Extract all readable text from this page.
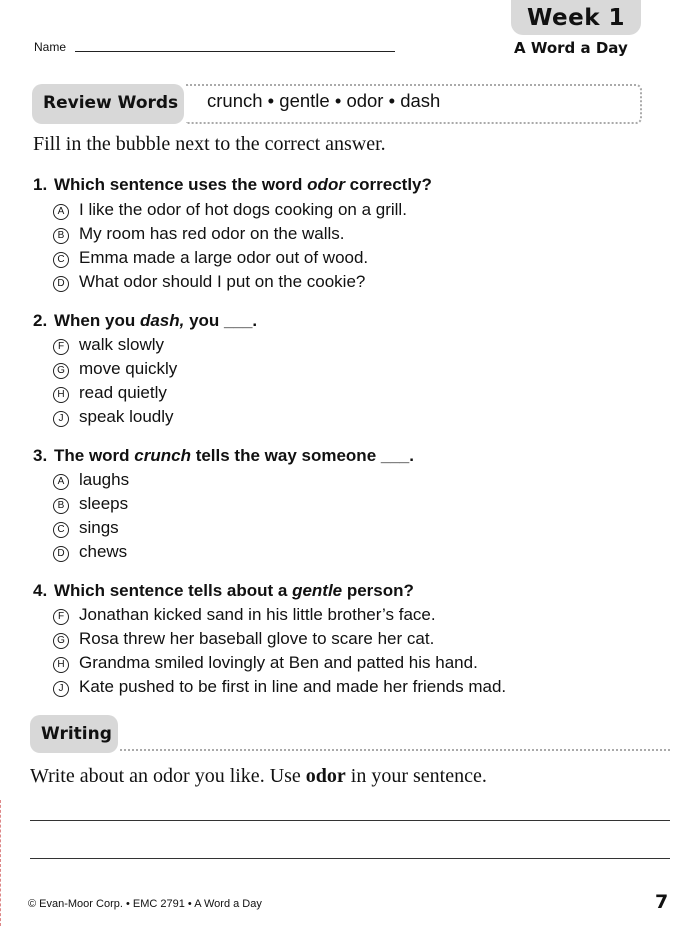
Week 1
A Word a Day
Name
Review Words crunch • gentle • odor • dash
Fill in the bubble next to the correct answer.
1. Which sentence uses the word odor correctly?
A I like the odor of hot dogs cooking on a grill.
B My room has red odor on the walls.
C Emma made a large odor out of wood.
D What odor should I put on the cookie?
2. When you dash, you ___.
F walk slowly
G move quickly
H read quietly
J speak loudly
3. The word crunch tells the way someone ___.
A laughs
B sleeps
C sings
D chews
4. Which sentence tells about a gentle person?
F Jonathan kicked sand in his little brother’s face.
G Rosa threw her baseball glove to scare her cat.
H Grandma smiled lovingly at Ben and patted his hand.
J Kate pushed to be first in line and made her friends mad.
Writing
Write about an odor you like. Use odor in your sentence.
© Evan-Moor Corp. • EMC 2791 • A Word a Day	7
